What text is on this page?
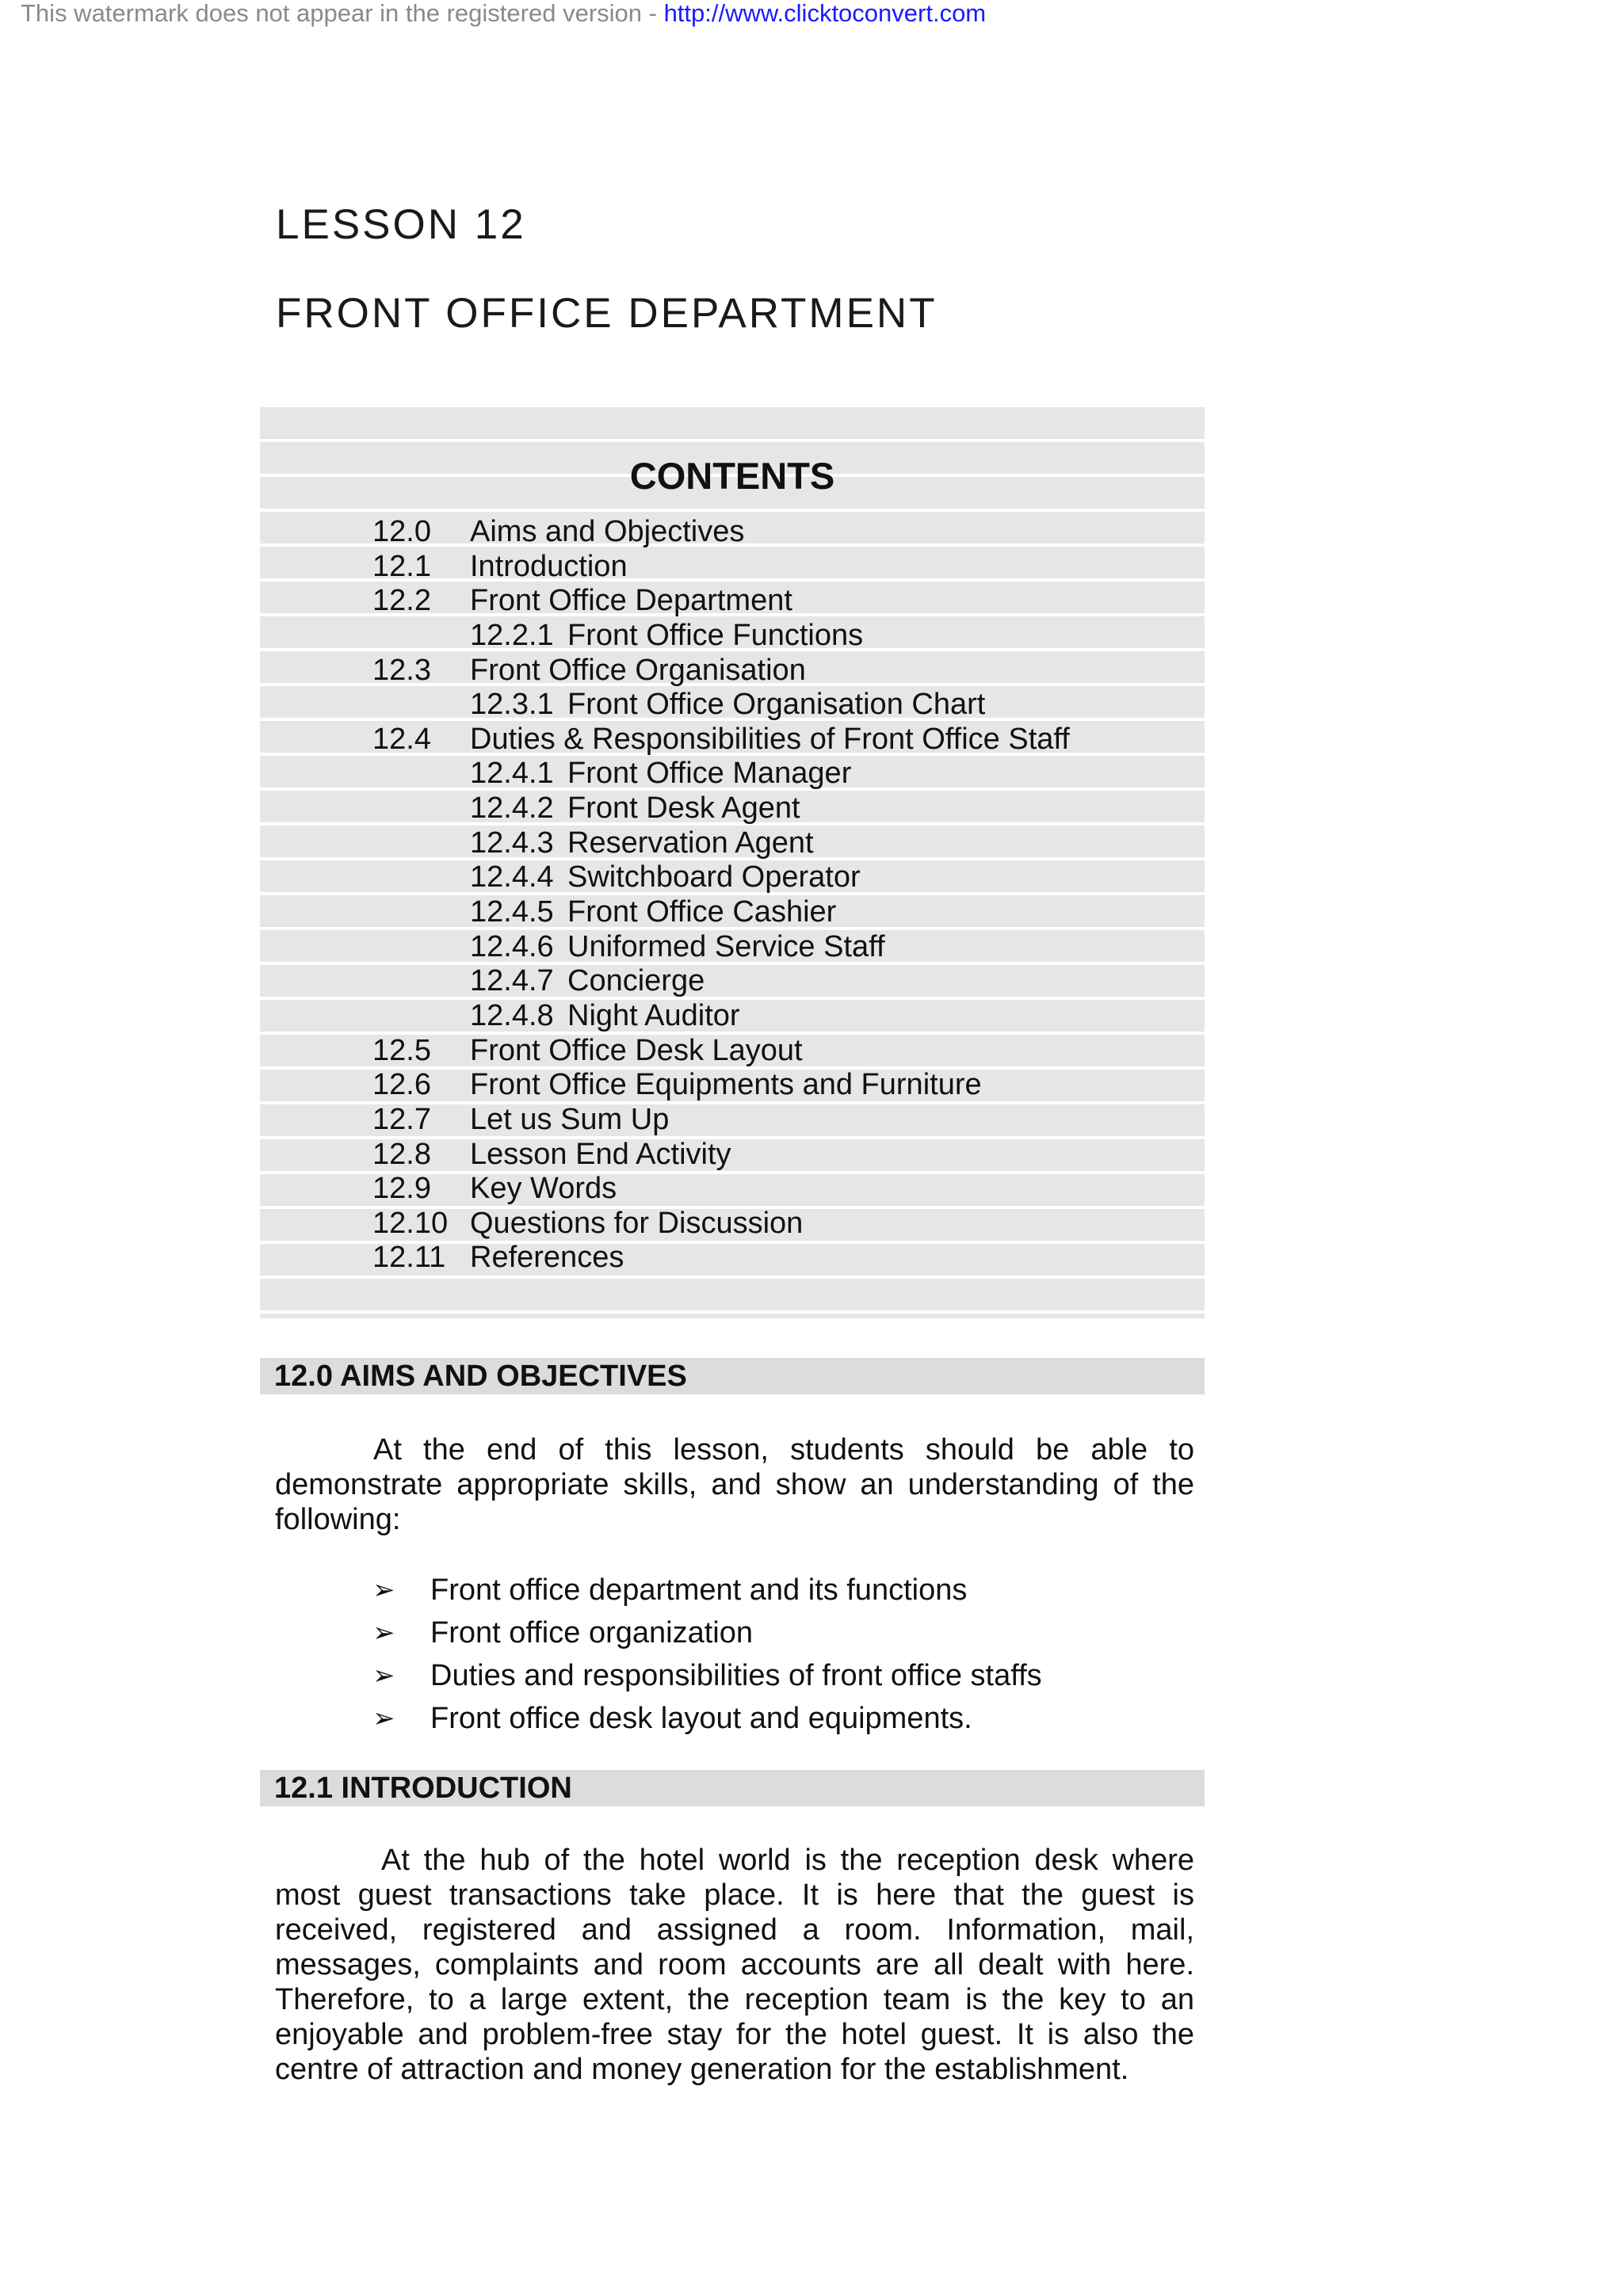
This watermark does not appear in the registered version - http://www.clicktoconvert.com
LESSON 12
FRONT OFFICE DEPARTMENT
CONTENTS
12.0 Aims and Objectives
12.1 Introduction
12.2 Front Office Department
12.2.1 Front Office Functions
12.3 Front Office Organisation
12.3.1 Front Office Organisation Chart
12.4 Duties & Responsibilities of Front Office Staff
12.4.1 Front Office Manager
12.4.2 Front Desk Agent
12.4.3 Reservation Agent
12.4.4 Switchboard Operator
12.4.5 Front Office Cashier
12.4.6 Uniformed Service Staff
12.4.7 Concierge
12.4.8 Night Auditor
12.5 Front Office Desk Layout
12.6 Front Office Equipments and Furniture
12.7 Let us Sum Up
12.8 Lesson End Activity
12.9 Key Words
12.10 Questions for Discussion
12.11 References
12.0 AIMS AND OBJECTIVES

At the end of this lesson, students should be able to demonstrate appropriate skills, and show an understanding of the following:

➢ Front office department and its functions
➢ Front office organization
➢ Duties and responsibilities of front office staffs
➢ Front office desk layout and equipments.
12.1 INTRODUCTION

At the hub of the hotel world is the reception desk where most guest transactions take place. It is here that the guest is received, registered and assigned a room. Information, mail, messages, complaints and room accounts are all dealt with here. Therefore, to a large extent, the reception team is the key to an enjoyable and problem-free stay for the hotel guest. It is also the centre of attraction and money generation for the establishment.
